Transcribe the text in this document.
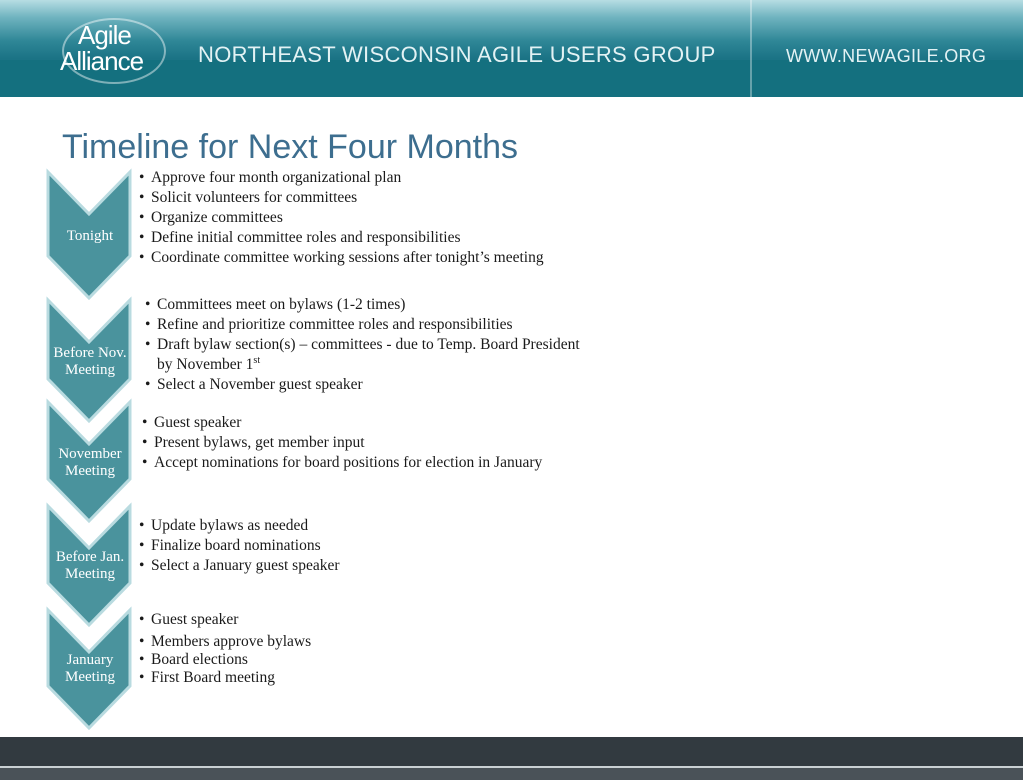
Agile
Alliance NORTHEAST WISCONSIN AGILE USERS GROUP	WWW.NEWAGILE.ORG
Timeline for Next Four Months
Tonight
Before Nov.
Meeting
November
Meeting
Before Jan.
Meeting
January
Meeting
• Approve four month organizational plan
• Solicit volunteers for committees
• Organize committees
• Define initial committee roles and responsibilities
• Coordinate committee working sessions after tonight’s meeting
• Committees meet on bylaws (1-2 times)
• Refine and prioritize committee roles and responsibilities
• Draft bylaw section(s) – committees - due to Temp. Board President
by November 1st
• Select a November guest speaker
• Guest speaker
• Present bylaws, get member input
• Accept nominations for board positions for election in January
• Update bylaws as needed
• Finalize board nominations
• Select a January guest speaker
• Guest speaker
• Members approve bylaws
• Board elections
• First Board meeting
